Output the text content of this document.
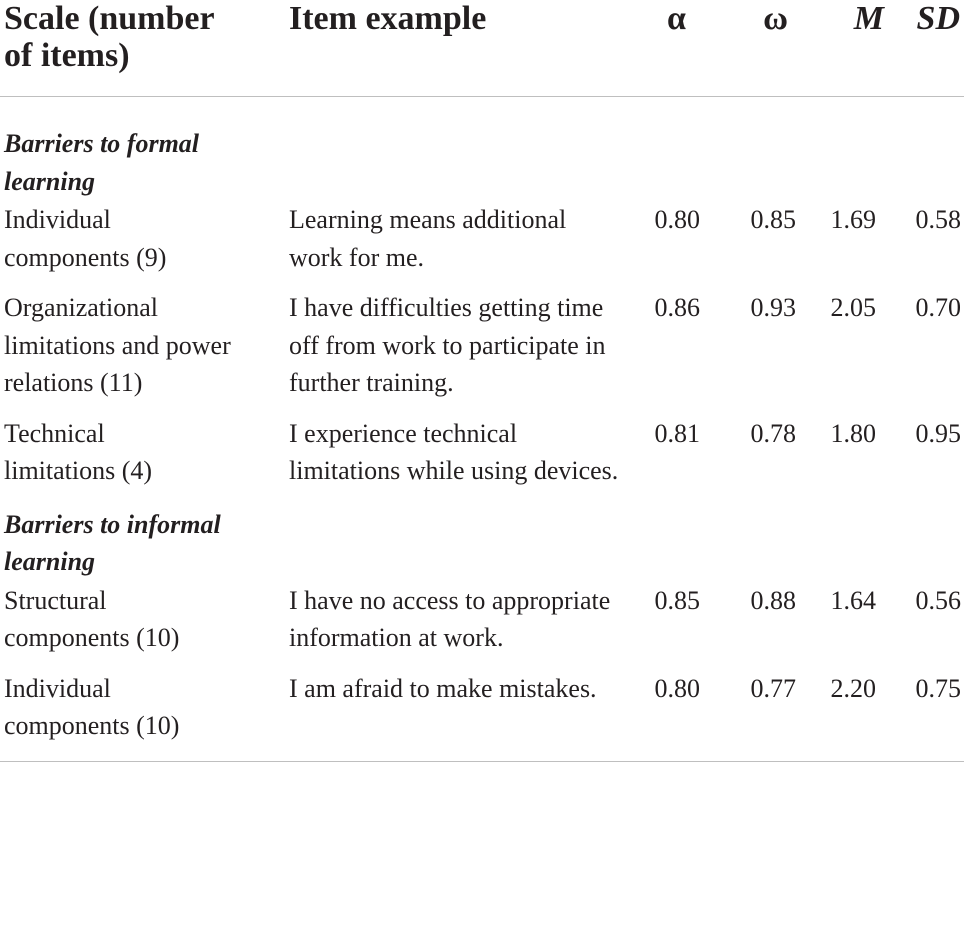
Scale (number of items)	Item example	α	ω	M	SD
Barriers to formal learning					
Individual components (9)	Learning means additional work for me.	0.80	0.85	1.69	0.58
Organizational limitations and power relations (11)	I have difficulties getting time off from work to participate in further training.	0.86	0.93	2.05	0.70
Technical limitations (4)	I experience technical limitations while using devices.	0.81	0.78	1.80	0.95
Barriers to informal learning					
Structural components (10)	I have no access to appropriate information at work.	0.85	0.88	1.64	0.56
Individual components (10)	I am afraid to make mistakes.	0.80	0.77	2.20	0.75
